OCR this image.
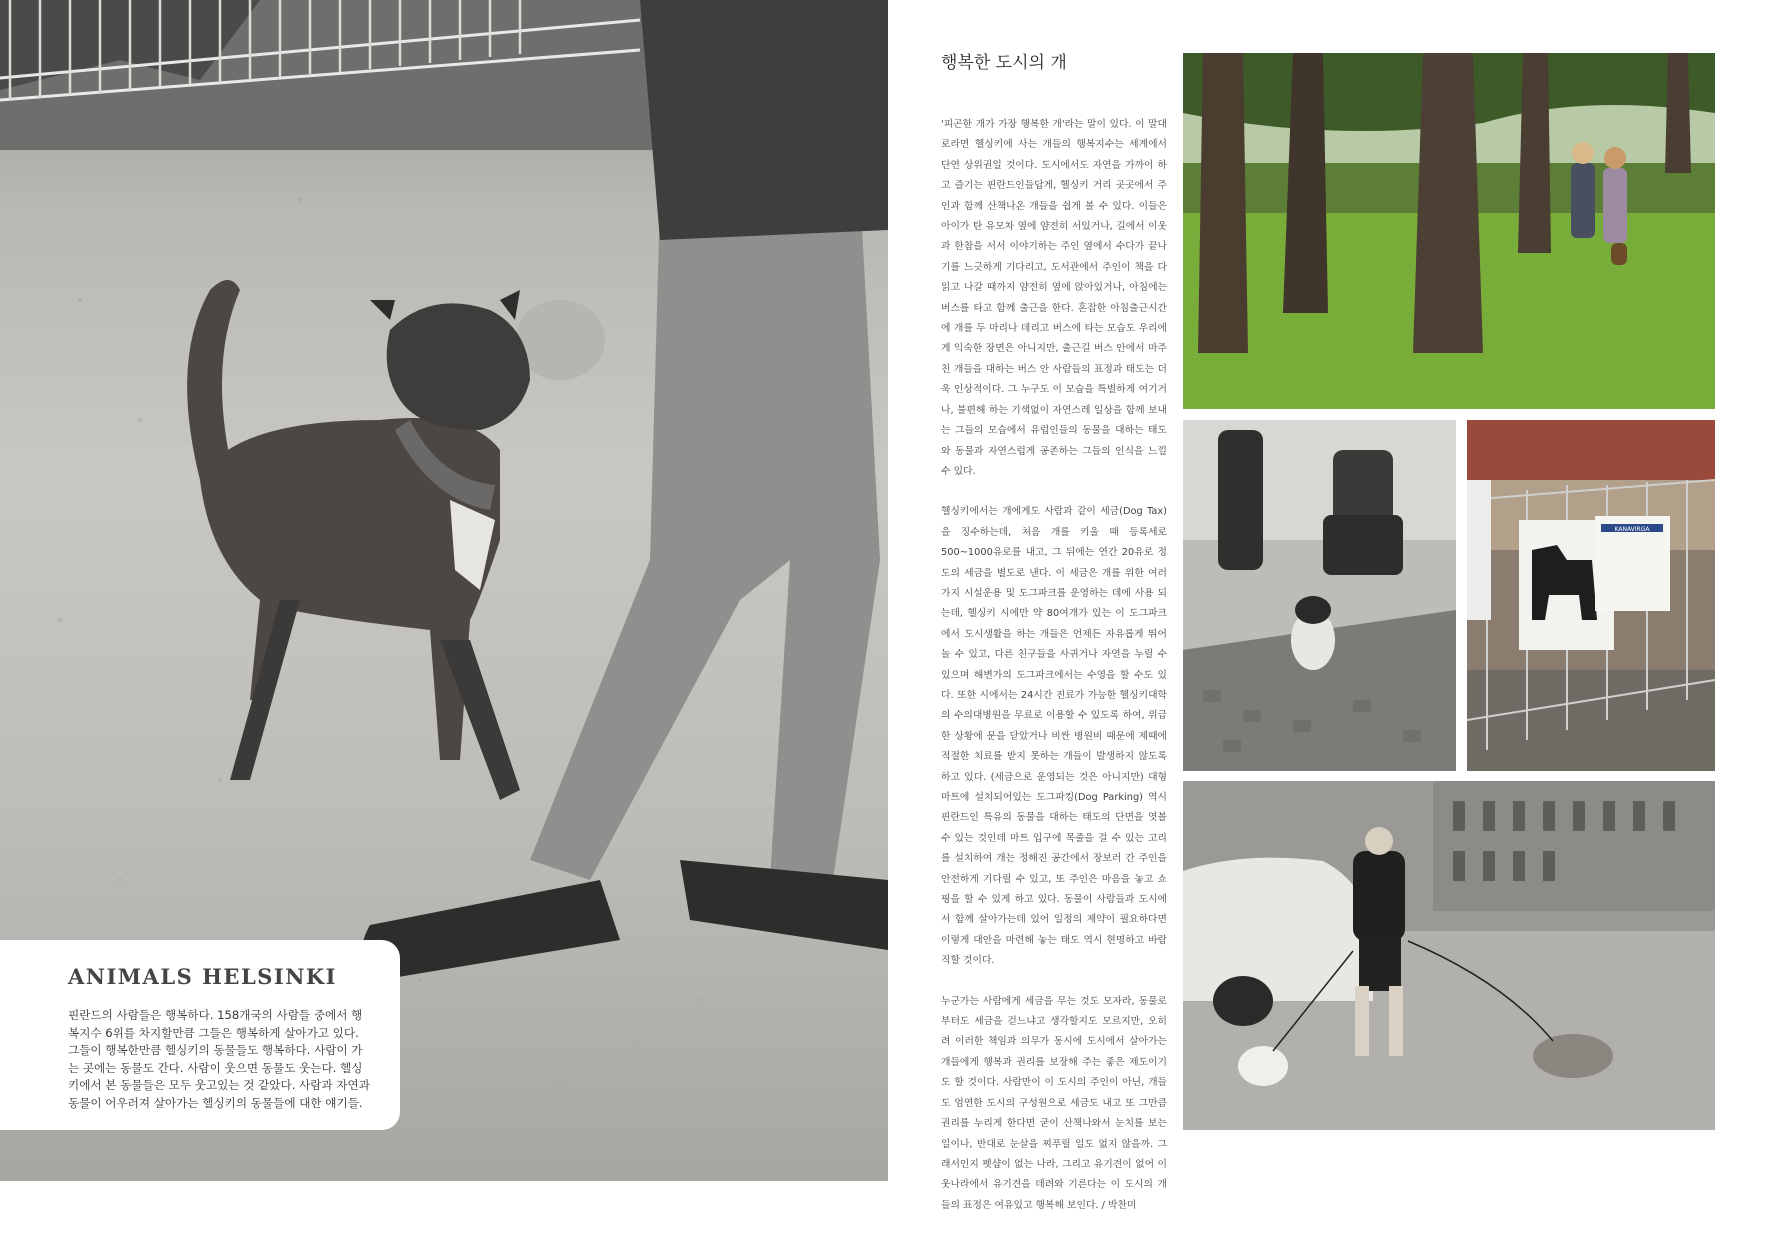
ANIMALS HELSINKI
핀란드의 사람들은 행복하다. 158개국의 사람들 중에서 행복지수 6위를 차지할만큼 그들은 행복하게 살아가고 있다. 그들이 행복한만큼 헬싱키의 동물들도 행복하다. 사람이 가는 곳에는 동물도 간다. 사람이 웃으면 동물도 웃는다. 헬싱키에서 본 동물들은 모두 웃고있는 것 같았다. 사람과 자연과 동물이 어우러져 살아가는 헬싱키의 동물들에 대한 얘기들.
행복한 도시의 개

'피곤한 개가 가장 행복한 개'라는 말이 있다. 이 말대로라면 헬싱키에 사는 개들의 행복지수는 세계에서 단연 상위권일 것이다. 도시에서도 자연을 가까이 하고 즐기는 핀란드인들답게, 헬싱키 거리 곳곳에서 주인과 함께 산책나온 개들을 쉽게 볼 수 있다. 이들은 아이가 탄 유모차 옆에 얌전히 서있거나, 길에서 이웃과 한참을 서서 이야기하는 주인 옆에서 수다가 끝나기를 느긋하게 기다리고, 도서관에서 주인이 책을 다 읽고 나갈 때까지 얌전히 옆에 앉아있거나, 아침에는 버스를 타고 함께 출근을 한다. 혼잡한 아침출근시간에 개를 두 마리나 데리고 버스에 타는 모습도 우리에게 익숙한 장면은 아니지만, 출근길 버스 안에서 마주친 개들을 대하는 버스 안 사람들의 표정과 태도는 더욱 인상적이다. 그 누구도 이 모습을 특별하게 여기거나, 불편해 하는 기색없이 자연스레 일상을 함께 보내는 그들의 모습에서 유럽인들의 동물을 대하는 태도와 동물과 자연스럽게 공존하는 그들의 인식을 느낄 수 있다.

헬싱키에서는 개에게도 사람과 같이 세금(Dog Tax)을 징수하는데, 처음 개를 키울 때 등록세로 500~1000유로를 내고, 그 뒤에는 연간 20유로 정도의 세금을 별도로 낸다. 이 세금은 개를 위한 여러 가지 시설운용 및 도그파크를 운영하는 데에 사용 되는데, 헬싱키 시에만 약 80여개가 있는 이 도그파크에서 도시생활을 하는 개들은 언제든 자유롭게 뛰어놀 수 있고, 다른 친구들을 사귀거나 자연을 누릴 수 있으며 해변가의 도그파크에서는 수영을 할 수도 있다. 또한 시에서는 24시간 진료가 가능한 헬싱키대학의 수의대병원을 무료로 이용할 수 있도록 하여, 위급한 상황에 문을 닫았거나 비싼 병원비 때문에 제때에 적절한 치료를 받지 못하는 개들이 발생하지 않도록 하고 있다. (세금으로 운영되는 것은 아니지만) 대형마트에 설치되어있는 도그파킹(Dog Parking) 역시 핀란드인 특유의 동물을 대하는 태도의 단면을 엿볼 수 있는 것인데 마트 입구에 목줄을 걸 수 있는 고리를 설치하여 개는 정해진 공간에서 장보러 간 주인을 안전하게 기다릴 수 있고, 또 주인은 마음을 놓고 쇼핑을 할 수 있게 하고 있다. 동물이 사람들과 도시에서 함께 살아가는데 있어 일정의 제약이 필요하다면 이렇게 대안을 마련해 놓는 태도 역시 현명하고 바람직할 것이다.

누군가는 사람에게 세금을 무는 것도 모자라, 동물로부터도 세금을 걷느냐고 생각할지도 모르지만, 오히려 이러한 책임과 의무가 동시에 도시에서 살아가는 개들에게 행복과 권리를 보장해 주는 좋은 제도이기도 할 것이다. 사람만이 이 도시의 주인이 아닌, 개들도 엄연한 도시의 구성원으로 세금도 내고 또 그만큼 권리를 누리게 한다면 굳이 산책나와서 눈치를 보는 일이나, 반대로 눈살을 찌푸릴 일도 없지 않을까. 그래서인지 펫샵이 없는 나라, 그리고 유기견이 없어 이웃나라에서 유기견을 데려와 기른다는 이 도시의 개들의 표정은 여유있고 행복해 보인다. / 박찬미

KANAVIRGA
